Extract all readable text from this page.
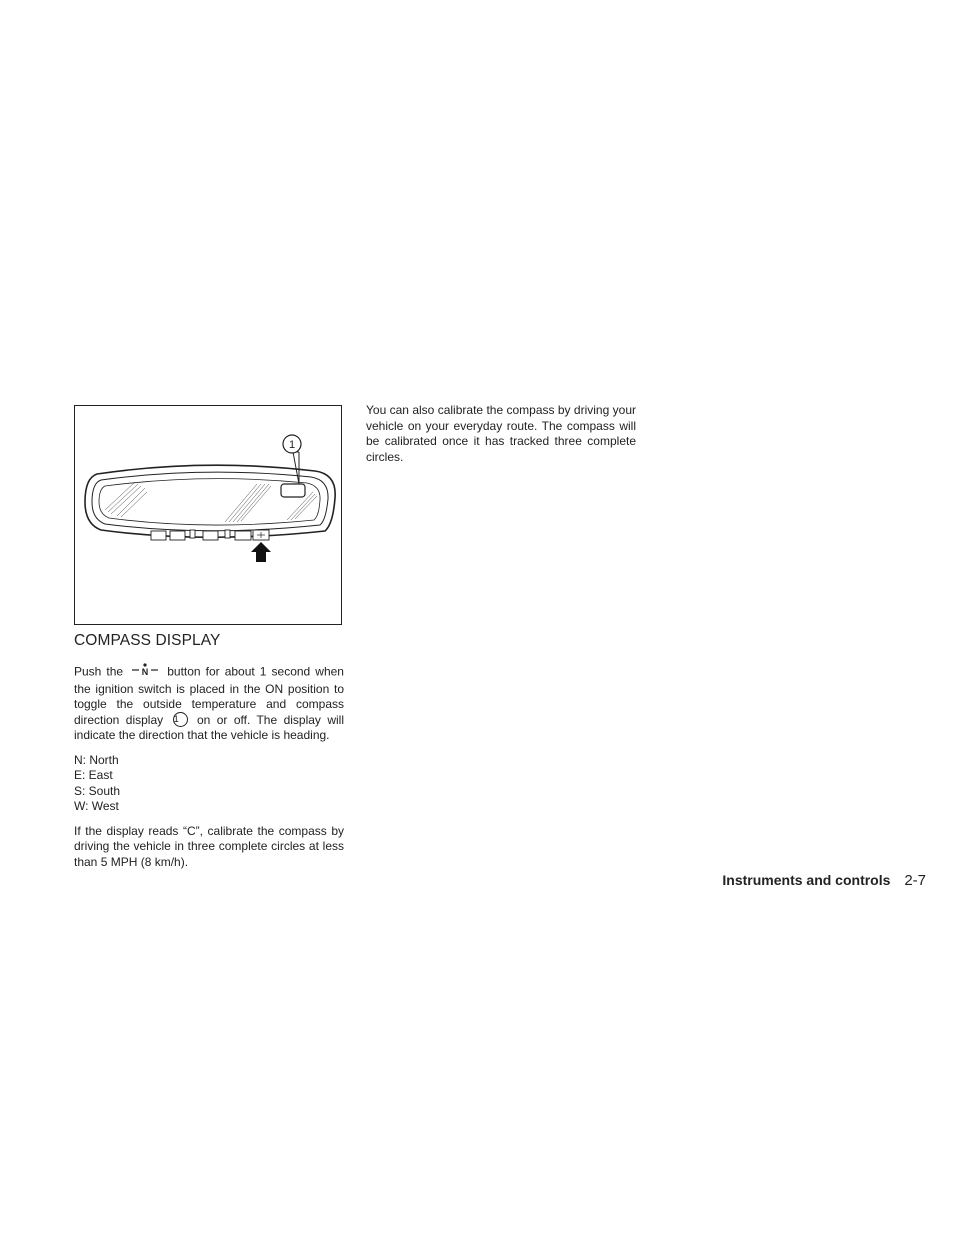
1
COMPASS DISPLAY

Push the N button for about 1 second when the ignition switch is placed in the ON position to toggle the outside temperature and compass direction display 1 on or off. The display will indicate the direction that the vehicle is heading.

N: North
E: East
S: South
W: West

If the display reads “C”, calibrate the compass by driving the vehicle in three complete circles at less than 5 MPH (8 km/h).

You can also calibrate the compass by driving your vehicle on your everyday route. The compass will be calibrated once it has tracked three complete circles.

Instruments and controls 2-7
